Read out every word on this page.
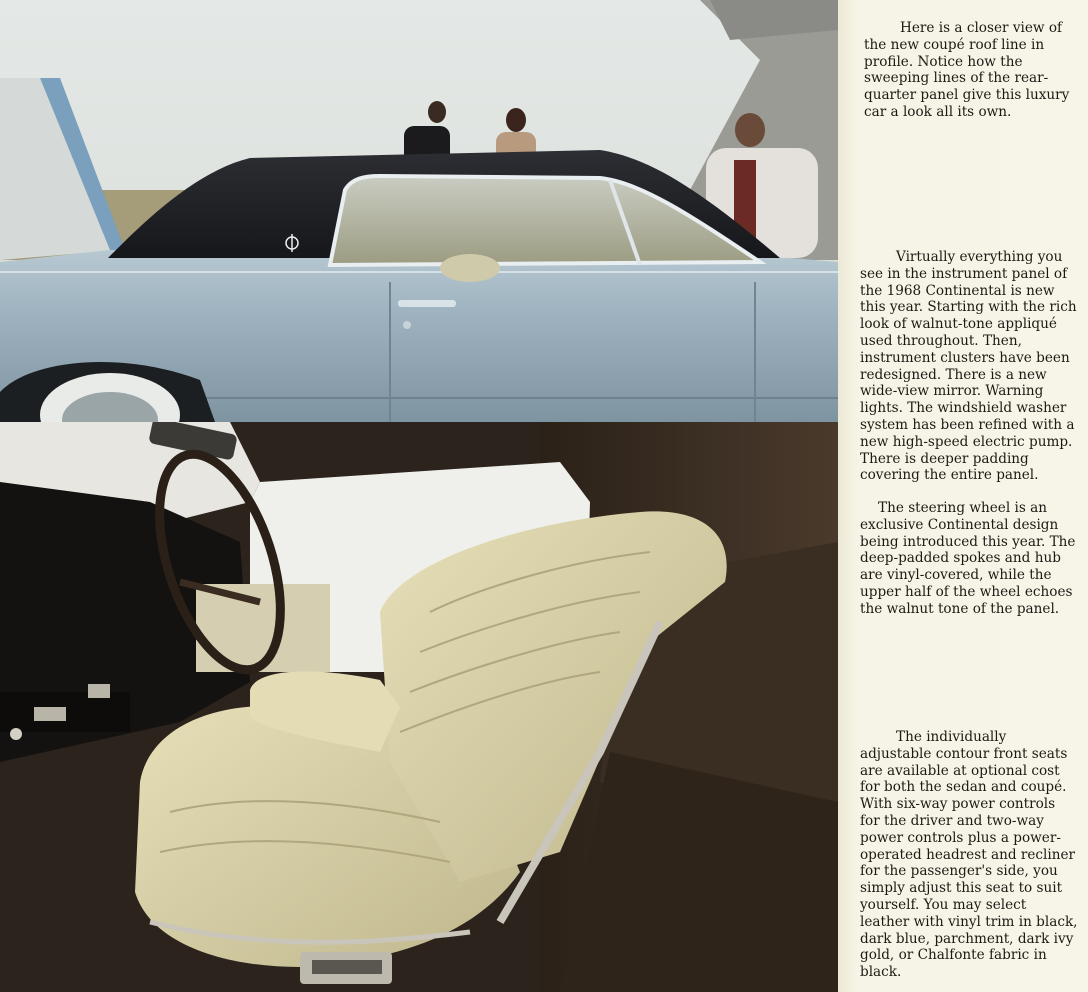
Here is a closer view of the new coupé roof line in profile. Notice how the sweeping lines of the rear-quarter panel give this luxury car a look all its own.

Virtually everything you see in the instrument panel of the 1968 Continental is new this year. Starting with the rich look of walnut-tone appliqué used throughout. Then, instrument clusters have been redesigned. There is a new wide-view mirror. Warning lights. The windshield washer system has been refined with a new high-speed electric pump. There is deeper padding covering the entire panel.

The steering wheel is an exclusive Continental design being introduced this year. The deep-padded spokes and hub are vinyl-covered, while the upper half of the wheel echoes the walnut tone of the panel.

The individually adjustable contour front seats are available at optional cost for both the sedan and coupé. With six-way power controls for the driver and two-way power controls plus a power-operated headrest and recliner for the passenger's side, you simply adjust this seat to suit yourself. You may select leather with vinyl trim in black, dark blue, parchment, dark ivy gold, or Chalfonte fabric in black.
